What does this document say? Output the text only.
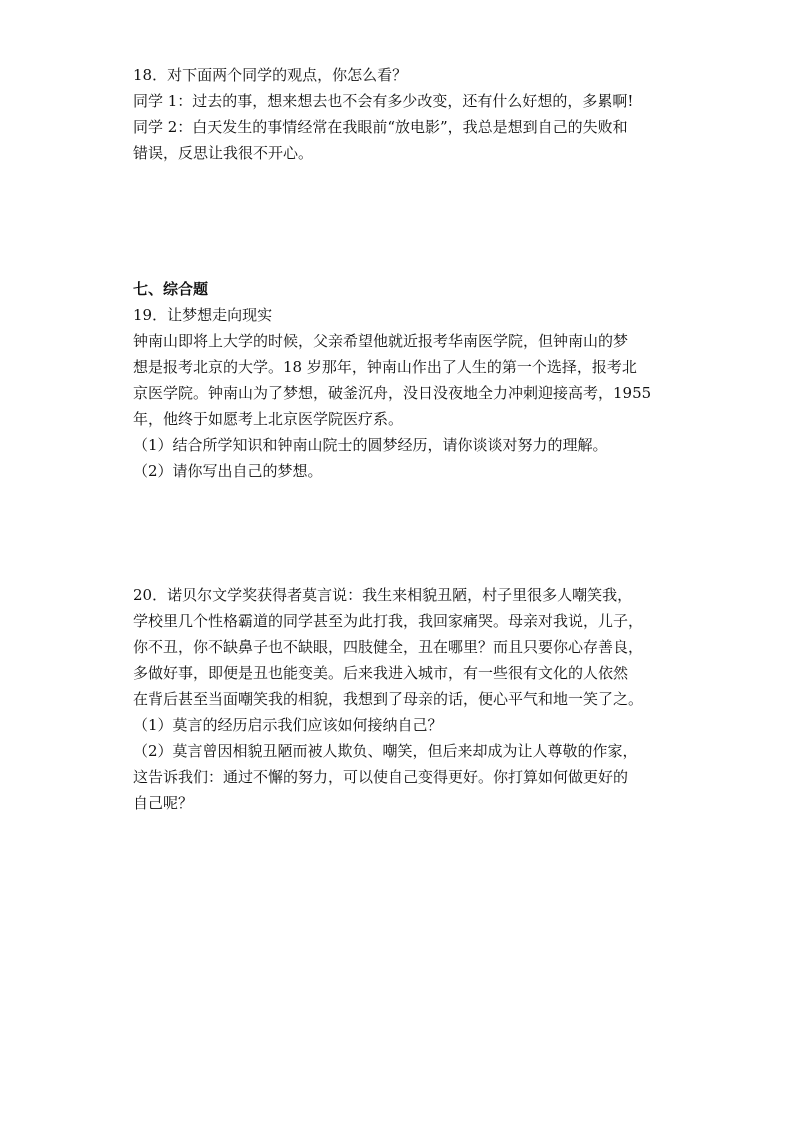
18．对下面两个同学的观点，你怎么看？
同学 1：过去的事，想来想去也不会有多少改变，还有什么好想的，多累啊!
同学 2：白天发生的事情经常在我眼前“放电影”，我总是想到自己的失败和
错误，反思让我很不开心。
七、综合题
19．让梦想走向现实
钟南山即将上大学的时候，父亲希望他就近报考华南医学院，但钟南山的梦
想是报考北京的大学。18 岁那年，钟南山作出了人生的第一个选择，报考北
京医学院。钟南山为了梦想，破釜沉舟，没日没夜地全力冲刺迎接高考，1955
年，他终于如愿考上北京医学院医疗系。
（1）结合所学知识和钟南山院士的圆梦经历，请你谈谈对努力的理解。
（2）请你写出自己的梦想。
20．诺贝尔文学奖获得者莫言说：我生来相貌丑陋，村子里很多人嘲笑我，
学校里几个性格霸道的同学甚至为此打我，我回家痛哭。母亲对我说，儿子，
你不丑，你不缺鼻子也不缺眼，四肢健全，丑在哪里？而且只要你心存善良，
多做好事，即便是丑也能变美。后来我进入城市，有一些很有文化的人依然
在背后甚至当面嘲笑我的相貌，我想到了母亲的话，便心平气和地一笑了之。
（1）莫言的经历启示我们应该如何接纳自己？
（2）莫言曾因相貌丑陋而被人欺负、嘲笑，但后来却成为让人尊敬的作家，
这告诉我们：通过不懈的努力，可以使自己变得更好。你打算如何做更好的
自己呢？
